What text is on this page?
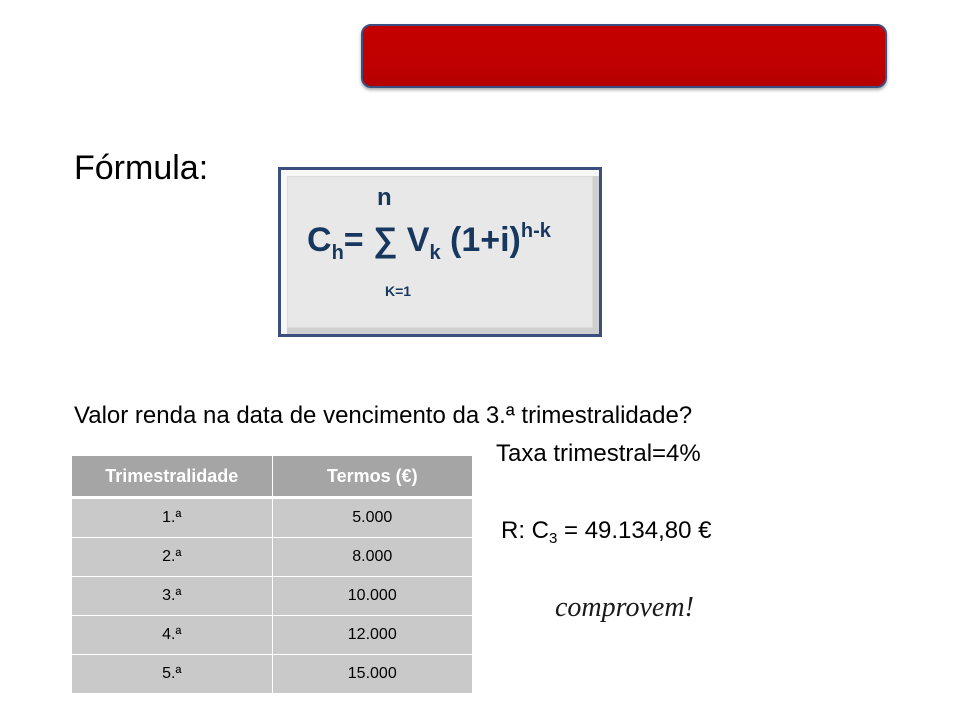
Fórmula:
n
$C_h=$ ∑ $V_k$ $(1+i)^{h-k}$
K=1
Valor renda na data de vencimento da 3.ª trimestralidade?
Taxa trimestral=4%
Trimestralidade	Termos (€)
1.ª	5.000
2.ª	8.000
3.ª	10.000
4.ª	12.000
5.ª	15.000
R: $C_3 = 49.134,80$ €
comprovem!
